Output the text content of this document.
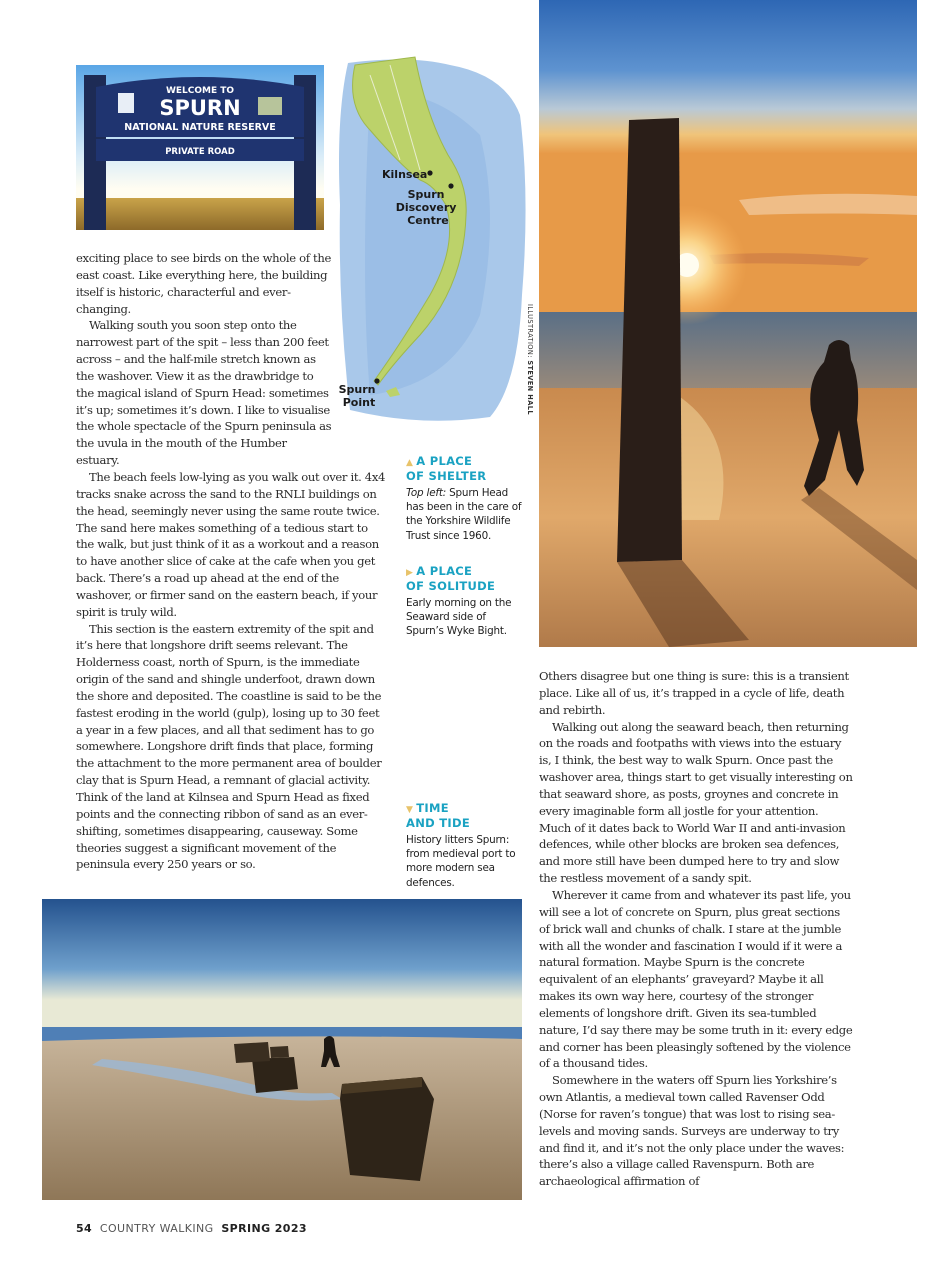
WELCOME TO
SPURN
NATIONAL NATURE RESERVE
PRIVATE ROAD
Kilnsea
Spurn Discovery Centre
Spurn Point
ILLUSTRATION: STEVEN HALL

exciting place to see birds on the whole of the east coast. Like everything here, the building itself is historic, characterful and ever-changing.

Walking south you soon step onto the narrowest part of the spit – less than 200 feet across – and the half-mile stretch known as the washover. View it as the drawbridge to the magical island of Spurn Head: sometimes it’s up; sometimes it’s down. I like to visualise the whole spectacle of the Spurn peninsula as the uvula in the mouth of the Humber estuary.

The beach feels low-lying as you walk out over it. 4x4 tracks snake across the sand to the RNLI buildings on the head, seemingly never using the same route twice. The sand here makes something of a tedious start to the walk, but just think of it as a workout and a reason to have another slice of cake at the cafe when you get back. There’s a road up ahead at the end of the washover, or firmer sand on the eastern beach, if your spirit is truly wild.

This section is the eastern extremity of the spit and it’s here that longshore drift seems relevant. The Holderness coast, north of Spurn, is the immediate origin of the sand and shingle underfoot, drawn down the shore and deposited. The coastline is said to be the fastest eroding in the world (gulp), losing up to 30 feet a year in a few places, and all that sediment has to go somewhere. Longshore drift finds that place, forming the attachment to the more permanent area of boulder clay that is Spurn Head, a remnant of glacial activity. Think of the land at Kilnsea and Spurn Head as fixed points and the connecting ribbon of sand as an ever-shifting, sometimes disappearing, causeway. Some theories suggest a significant movement of the peninsula every 250 years or so.

▲ A PLACE
OF SHELTER
Top left: Spurn Head has been in the care of the Yorkshire Wildlife Trust since 1960.
▶ A PLACE
OF SOLITUDE
Early morning on the Seaward side of Spurn’s Wyke Bight.
▼ TIME
AND TIDE
History litters Spurn: from medieval port to more modern sea defences.

Others disagree but one thing is sure: this is a transient place. Like all of us, it’s trapped in a cycle of life, death and rebirth.

Walking out along the seaward beach, then returning on the roads and footpaths with views into the estuary is, I think, the best way to walk Spurn. Once past the washover area, things start to get visually interesting on that seaward shore, as posts, groynes and concrete in every imaginable form all jostle for your attention. Much of it dates back to World War II and anti-invasion defences, while other blocks are broken sea defences, and more still have been dumped here to try and slow the restless movement of a sandy spit.

Wherever it came from and whatever its past life, you will see a lot of concrete on Spurn, plus great sections of brick wall and chunks of chalk. I stare at the jumble with all the wonder and fascination I would if it were a natural formation. Maybe Spurn is the concrete equivalent of an elephants’ graveyard? Maybe it all makes its own way here, courtesy of the stronger elements of longshore drift. Given its sea-tumbled nature, I’d say there may be some truth in it: every edge and corner has been pleasingly softened by the violence of a thousand tides.

Somewhere in the waters off Spurn lies Yorkshire’s own Atlantis, a medieval town called Ravenser Odd (Norse for raven’s tongue) that was lost to rising sea-levels and moving sands. Surveys are underway to try and find it, and it’s not the only place under the waves: there’s also a village called Ravenspurn. Both are archaeological affirmation of

54 COUNTRY WALKING SPRING 2023
